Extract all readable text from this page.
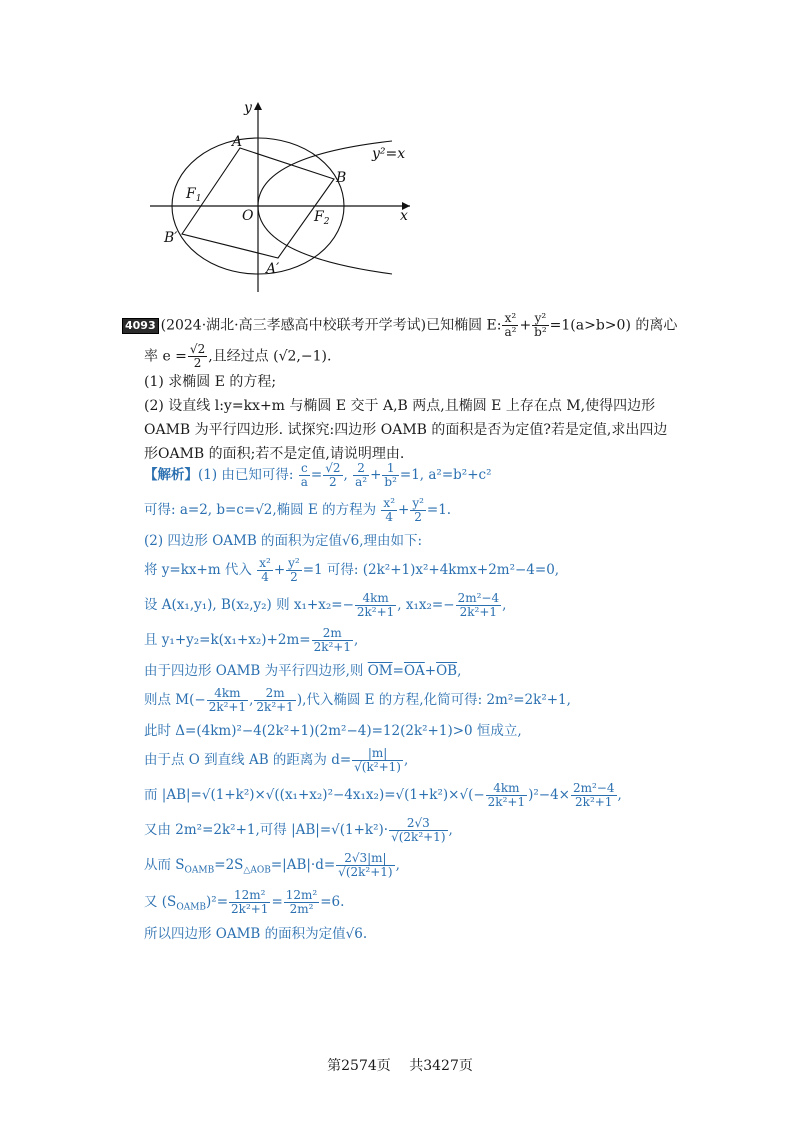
y
x
A
B
O
$F_1$
$F_2$
B′
A′
y²=x
4093 (2024·湖北·高三孝感高中校联考开学考试)已知椭圆 E: $\frac{\text{x²}}{\text{a²}} + \frac{\text{y²}}{\text{b²}} =1(a>b>0)$ 的离心
率 $e = \frac{√2}{2}$ ,且经过点 (√2,−1).
(1) 求椭圆 E 的方程;
(2) 设直线 l:y=kx+m 与椭圆 E 交于 A,B 两点,且椭圆 E 上存在点 M,使得四边形
OAMB 为平行四边形. 试探究:四边形 OAMB 的面积是否为定值?若是定值,求出四边
形OAMB 的面积;若不是定值,请说明理由.
【解析】(1) 由已知可得: $\frac{c}{a} = \frac{√2}{2}$ , $\frac{2}{\text{a²}} + \frac{1}{\text{b²}} =1$, a²=b²+c²
可得: a=2, b=c=√2,椭圆 E 的方程为 $\frac{\text{x²}}{4} + \frac{\text{y²}}{2} =1$.
(2) 四边形 OAMB 的面积为定值√6,理由如下:
将 y=kx+m 代入 $\frac{\text{x²}}{4} + \frac{\text{y²}}{2} =1$ 可得: (2k²+1)x²+4kmx+2m²−4=0,
设 A(x₁,y₁), B(x₂,y₂) 则 $x_1+x_2=- \frac{4km}{\text{2k²+1}}$ , $x_1x_2=- \frac{\text{2m²−4}}{\text{2k²+1}}$ ,
且 $y_1+y_2=k(x_1+x_2)+2m= \frac{2m}{\text{2k²+1}}$ ,
由于四边形 OAMB 为平行四边形,则 $\overline{OM}=\overline{OA}+\overline{OB}$,
则点 $M(- \frac{4km}{\text{2k²+1}}$ , $\frac{2m}{\text{2k²+1}}$ ),代入椭圆 E 的方程,化简可得: 2m²=2k²+1,
此时 Δ=(4km)²−4(2k²+1)(2m²−4)=12(2k²+1)>0 恒成立,
由于点 O 到直线 AB 的距离为 $d= \frac{|m|}{\text{√(k²+1)}}$ ,
而 $|AB|=√(1+k^2)\times√((x_1+x_2)^2-4x_1x_2)=√(1+k^2)\times√(- \frac{4km}{\text{2k²+1}} )^2-4\times \frac{\text{2m²−4}}{\text{2k²+1}}$ ,
又由 2m²=2k²+1,可得 $|AB|=√(1+k^2)\cdot \frac{2√3}{\text{√(2k²+1)}}$ ,
从而 $S_{OAMB}=2S_{\triangle AOB}=|AB|\cdot d= \frac{2√3|m|}{\text{√(2k²+1)}}$ ,
又 $(S_{OAMB})^2= \frac{\text{12m²}}{\text{2k²+1}} = \frac{\text{12m²}}{\text{2m²}} =6$.
所以四边形 OAMB 的面积为定值√6.
第2574页　 共3427页
